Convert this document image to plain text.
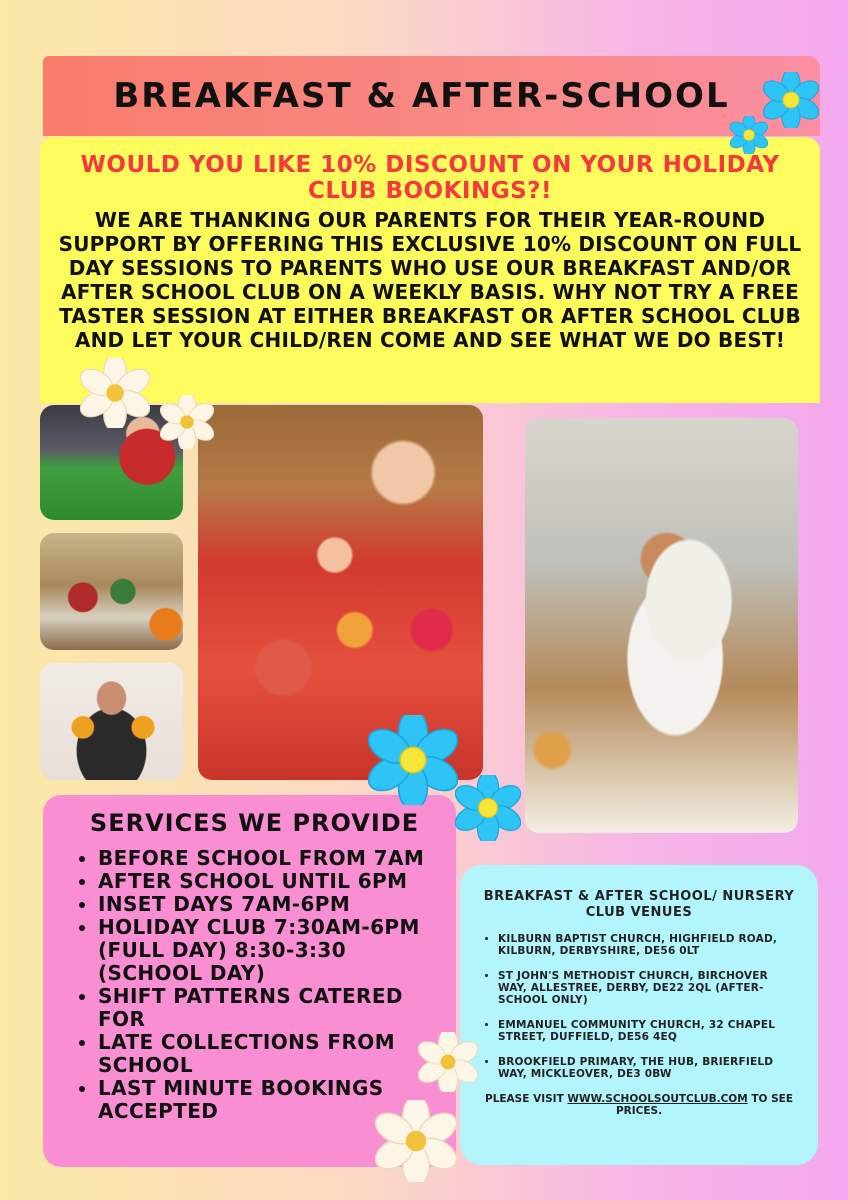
BREAKFAST & AFTER-SCHOOL
WOULD YOU LIKE 10% DISCOUNT ON YOUR HOLIDAY CLUB BOOKINGS?!
WE ARE THANKING OUR PARENTS FOR THEIR YEAR-ROUND SUPPORT BY OFFERING THIS EXCLUSIVE 10% DISCOUNT ON FULL DAY SESSIONS TO PARENTS WHO USE OUR BREAKFAST AND/OR AFTER SCHOOL CLUB ON A WEEKLY BASIS. WHY NOT TRY A FREE TASTER SESSION AT EITHER BREAKFAST OR AFTER SCHOOL CLUB AND LET YOUR CHILD/REN COME AND SEE WHAT WE DO BEST!
SERVICES WE PROVIDE
• BEFORE SCHOOL FROM 7AM
• AFTER SCHOOL UNTIL 6PM
• INSET DAYS 7AM-6PM
• HOLIDAY CLUB 7:30AM-6PM (FULL DAY) 8:30-3:30 (SCHOOL DAY)
• SHIFT PATTERNS CATERED FOR
• LATE COLLECTIONS FROM SCHOOL
• LAST MINUTE BOOKINGS ACCEPTED
BREAKFAST & AFTER SCHOOL/ NURSERY CLUB VENUES
• KILBURN BAPTIST CHURCH, HIGHFIELD ROAD, KILBURN, DERBYSHIRE, DE56 0LT
• ST JOHN'S METHODIST CHURCH, BIRCHOVER WAY, ALLESTREE, DERBY, DE22 2QL (AFTER-SCHOOL ONLY)
• EMMANUEL COMMUNITY CHURCH, 32 CHAPEL STREET, DUFFIELD, DE56 4EQ
• BROOKFIELD PRIMARY, THE HUB, BRIERFIELD WAY, MICKLEOVER, DE3 0BW
PLEASE VISIT WWW.SCHOOLSOUTCLUB.COM TO SEE PRICES.
